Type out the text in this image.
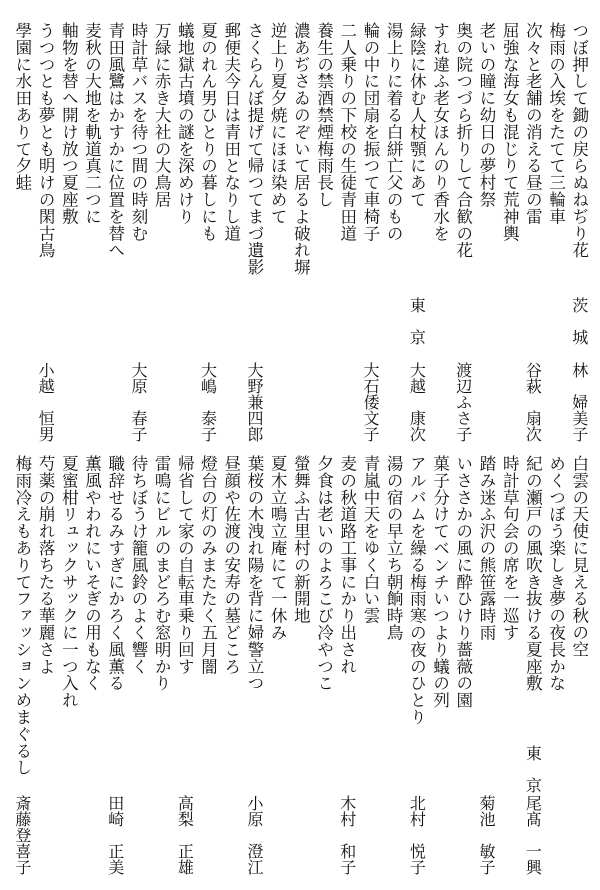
つぼ押して鋤の戻らぬねぢり花
茨　城
林　婦美子
梅雨の入埃をたてて三輪車
次々と老舗の消える昼の雷
谷萩　扇次
屈強な海女も混じりて荒神輿
老いの瞳に幼日の夢村祭
奥の院つづら折りして合歓の花
渡辺ふさ子
すれ違ふ老女ほんのり香水を
緑陰に休む人杖顎にあて
東　京
大越　康次
湯上りに着る白絣亡父のもの
輪の中に団扇を振つて車椅子
大石倭文子
二人乗りの下校の生徒青田道
養生の禁酒禁煙梅雨長し
濃あぢさゐのぞいて居るよ破れ塀
逆上り夏夕焼にほほ染めて
さくらんぼ提げて帰つてまづ遺影
大野兼四郎
郵便夫今日は青田となりし道
夏のれん男ひとりの暮しにも
大嶋　泰子
蟻地獄古墳の謎を深めけり
万緑に赤き大社の大鳥居
時計草バスを待つ間の時刻む
大原　春子
青田風鷺はかすかに位置を替へ
麦秋の大地を軌道真二つに
軸物を替へ開け放つ夏座敷
うつつとも夢とも明けの閑古鳥
小越　恒男
學園に水田ありて夕蛙
白雲の天使に見える秋の空
めくつぼう楽しき夢の夜長かな
紀の瀬戸の風吹き抜ける夏座敷
東　京
尾髙　一興
時計草句会の席を一巡す
踏み迷ふ沢の熊笹露時雨
菊池　敏子
いささかの風に酔ひけり薔薇の園
菓子分けてベンチいつより蟻の列
アルバムを繰る梅雨寒の夜のひとり
北村　悦子
湯の宿の早立ち朝餉時鳥
青嵐中天をゆく白い雲
麦の秋道路工事にかり出され
木村　和子
夕食は老いのよろこび冷やつこ
螢舞ふ古里村の新開地
夏木立鳴立庵にて一休み
葉桜の木洩れ陽を背に婦警立つ
小原　澄江
昼顔や佐渡の安寿の墓どころ
燈台の灯のみまたたく五月闇
帰省して家の自転車乗り回す
高梨　正雄
雷鳴にビルのまどろむ窓明かり
待ちぼうけ籠風鈴のよく響く
職辞せるみすぎにかろく風薫る
田崎　正美
薫風やわれにいそぎの用もなく
夏蜜柑リュックサックに一つ入れ
芍薬の崩れ落ちたる華麗さよ
梅雨冷えもありてファッションめまぐるし
斎藤登喜子
